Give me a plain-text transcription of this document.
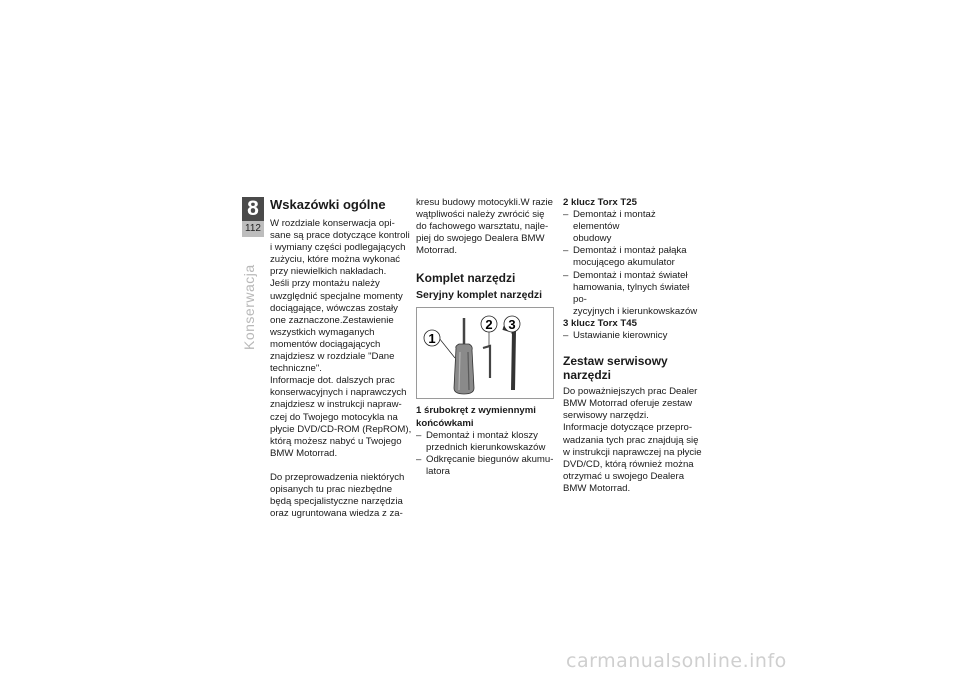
8
112
Konserwacja
Wskazówki ogólne

W rozdziale konserwacja opi-
sane są prace dotyczące kontroli
i wymiany części podlegających
zużyciu, które można wykonać
przy niewielkich nakładach.
Jeśli przy montażu należy
uwzględnić specjalne momenty
dociągające, wówczas zostały
one zaznaczone.Zestawienie
wszystkich wymaganych
momentów dociągających
znajdziesz w rozdziale "Dane
techniczne".
Informacje dot. dalszych prac
konserwacyjnych i naprawczych
znajdziesz w instrukcji napraw-
czej do Twojego motocykla na
płycie DVD/CD-ROM (RepROM),
którą możesz nabyć u Twojego
BMW Motorrad.

Do przeprowadzenia niektórych
opisanych tu prac niezbędne
będą specjalistyczne narzędzia
oraz ugruntowana wiedza z za-

kresu budowy motocykli.W razie
wątpliwości należy zwrócić się
do fachowego warsztatu, najle-
piej do swojego Dealera BMW
Motorrad.

Komplet narzędzi
Seryjny komplet narzędzi
1
2 3
1 śrubokręt z wymiennymi
końcówkami
– Demontaż i montaż kloszy
przednich kierunkowskazów
– Odkręcanie biegunów akumu-
latora

2 klucz Torx T25

– Demontaż i montaż elementów
obudowy
– Demontaż i montaż pałąka
mocującego akumulator
– Demontaż i montaż świateł
hamowania, tylnych świateł po-
zycyjnych i kierunkowskazów

3 klucz Torx T45

– Ustawianie kierownicy
Zestaw serwisowy narzędzi

Do poważniejszych prac Dealer
BMW Motorrad oferuje zestaw
serwisowy narzędzi.
Informacje dotyczące przepro-
wadzania tych prac znajdują się
w instrukcji naprawczej na płycie
DVD/CD, którą również można
otrzymać u swojego Dealera
BMW Motorrad.

carmanualsonline.info
